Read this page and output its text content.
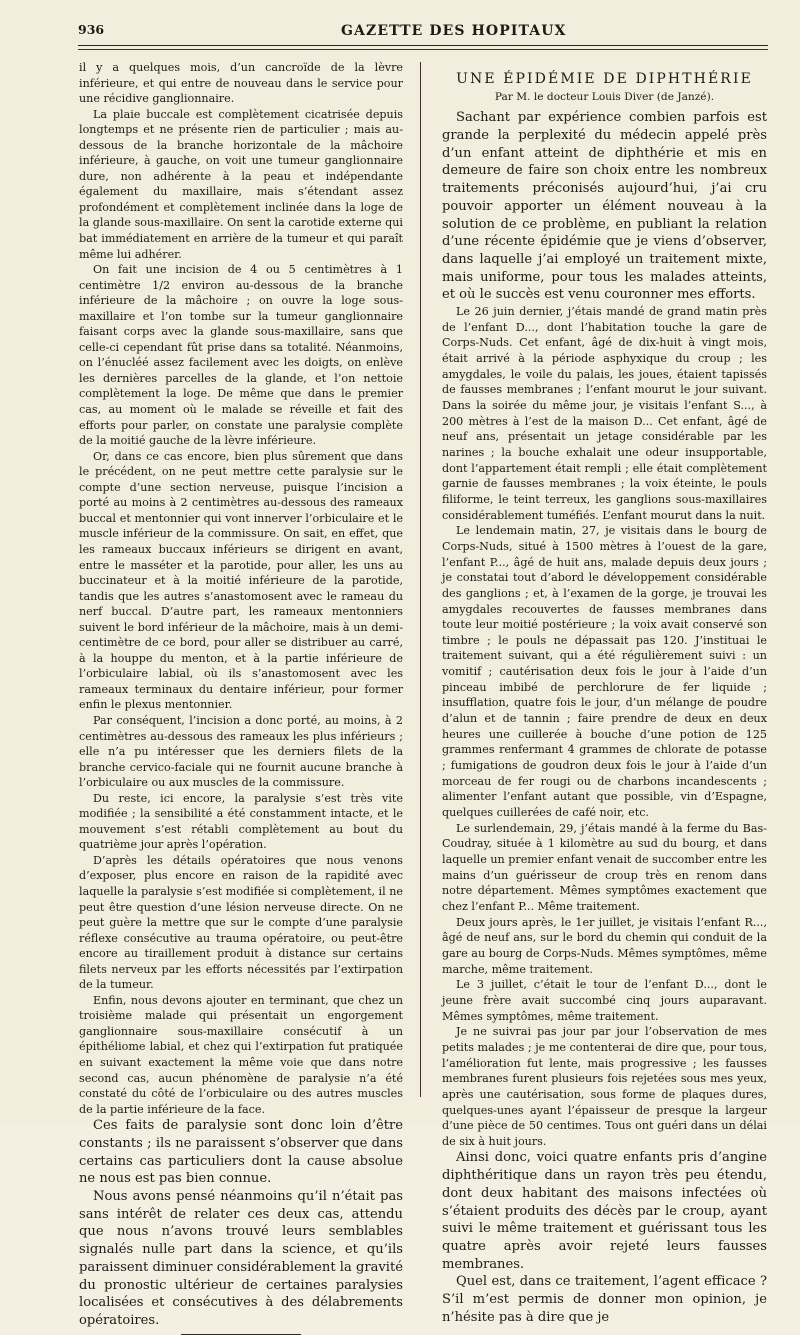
936	GAZETTE DES HOPITAUX

il y a quelques mois, d’un cancroïde de la lèvre inférieure, et qui entre de nouveau dans le service pour une récidive ganglionnaire.

La plaie buccale est complètement cicatrisée depuis longtemps et ne présente rien de particulier ; mais au-dessous de la branche horizontale de la mâchoire inférieure, à gauche, on voit une tumeur ganglionnaire dure, non adhérente à la peau et indépendante également du maxillaire, mais s’étendant assez profondément et complètement inclinée dans la loge de la glande sous-maxillaire. On sent la carotide externe qui bat immédiatement en arrière de la tumeur et qui paraît même lui adhérer.

On fait une incision de 4 ou 5 centimètres à 1 centimètre 1/2 environ au-dessous de la branche inférieure de la mâchoire ; on ouvre la loge sous-maxillaire et l’on tombe sur la tumeur ganglionnaire faisant corps avec la glande sous-maxillaire, sans que celle-ci cependant fût prise dans sa totalité. Néanmoins, on l’énucléé assez facilement avec les doigts, on enlève les dernières parcelles de la glande, et l’on nettoie complètement la loge. De même que dans le premier cas, au moment où le malade se réveille et fait des efforts pour parler, on constate une paralysie complète de la moitié gauche de la lèvre inférieure.

Or, dans ce cas encore, bien plus sûrement que dans le précédent, on ne peut mettre cette paralysie sur le compte d’une section nerveuse, puisque l’incision a porté au moins à 2 centimètres au-dessous des rameaux buccal et mentonnier qui vont innerver l’orbiculaire et le muscle inférieur de la commissure. On sait, en effet, que les rameaux buccaux inférieurs se dirigent en avant, entre le masséter et la parotide, pour aller, les uns au buccinateur et à la moitié inférieure de la parotide, tandis que les autres s’anastomosent avec le rameau du nerf buccal. D’autre part, les rameaux mentonniers suivent le bord inférieur de la mâchoire, mais à un demi-centimètre de ce bord, pour aller se distribuer au carré, à la houppe du menton, et à la partie inférieure de l’orbiculaire labial, où ils s’anastomosent avec les rameaux terminaux du dentaire inférieur, pour former enfin le plexus mentonnier.

Par conséquent, l’incision a donc porté, au moins, à 2 centimètres au-dessous des rameaux les plus inférieurs ; elle n’a pu intéresser que les derniers filets de la branche cervico-faciale qui ne fournit aucune branche à l’orbiculaire ou aux muscles de la commissure.

Du reste, ici encore, la paralysie s’est très vite modifiée ; la sensibilité a été constamment intacte, et le mouvement s’est rétabli complètement au bout du quatrième jour après l’opération.

D’après les détails opératoires que nous venons d’exposer, plus encore en raison de la rapidité avec laquelle la paralysie s’est modifiée si complètement, il ne peut être question d’une lésion nerveuse directe. On ne peut guère la mettre que sur le compte d’une paralysie réflexe consécutive au trauma opératoire, ou peut-être encore au tiraillement produit à distance sur certains filets nerveux par les efforts nécessités par l’extirpation de la tumeur.

Enfin, nous devons ajouter en terminant, que chez un troisième malade qui présentait un engorgement ganglionnaire sous-maxillaire consécutif à un épithéliome labial, et chez qui l’extirpation fut pratiquée en suivant exactement la même voie que dans notre second cas, aucun phénomène de paralysie n’a été constaté du côté de l’orbiculaire ou des autres muscles de la partie inférieure de la face.

Ces faits de paralysie sont donc loin d’être constants ; ils ne paraissent s’observer que dans certains cas particuliers dont la cause absolue ne nous est pas bien connue.

Nous avons pensé néanmoins qu’il n’était pas sans intérêt de relater ces deux cas, attendu que nous n’avons trouvé leurs semblables signalés nulle part dans la science, et qu’ils paraissent diminuer considérablement la gravité du pronostic ultérieur de certaines paralysies localisées et consécutives à des délabrements opératoires.

UNE ÉPIDÉMIE DE DIPHTHÉRIE

Par M. le docteur Louis Diver (de Janzé).

Sachant par expérience combien parfois est grande la perplexité du médecin appelé près d’un enfant atteint de diphthérie et mis en demeure de faire son choix entre les nombreux traitements préconisés aujourd’hui, j’ai cru pouvoir apporter un élément nouveau à la solution de ce problème, en publiant la relation d’une récente épidémie que je viens d’observer, dans laquelle j’ai employé un traitement mixte, mais uniforme, pour tous les malades atteints, et où le succès est venu couronner mes efforts.

Le 26 juin dernier, j’étais mandé de grand matin près de l’enfant D..., dont l’habitation touche la gare de Corps-Nuds. Cet enfant, âgé de dix-huit à vingt mois, était arrivé à la période asphyxique du croup ; les amygdales, le voile du palais, les joues, étaient tapissés de fausses membranes ; l’enfant mourut le jour suivant. Dans la soirée du même jour, je visitais l’enfant S..., à 200 mètres à l’est de la maison D... Cet enfant, âgé de neuf ans, présentait un jetage considérable par les narines ; la bouche exhalait une odeur insupportable, dont l’appartement était rempli ; elle était complètement garnie de fausses membranes ; la voix éteinte, le pouls filiforme, le teint terreux, les ganglions sous-maxillaires considérablement tuméfiés. L’enfant mourut dans la nuit.

Le lendemain matin, 27, je visitais dans le bourg de Corps-Nuds, situé à 1500 mètres à l’ouest de la gare, l’enfant P..., âgé de huit ans, malade depuis deux jours ; je constatai tout d’abord le développement considérable des ganglions ; et, à l’examen de la gorge, je trouvai les amygdales recouvertes de fausses membranes dans toute leur moitié postérieure ; la voix avait conservé son timbre ; le pouls ne dépassait pas 120. J’instituai le traitement suivant, qui a été régulièrement suivi : un vomitif ; cautérisation deux fois le jour à l’aide d’un pinceau imbibé de perchlorure de fer liquide ; insufflation, quatre fois le jour, d’un mélange de poudre d’alun et de tannin ; faire prendre de deux en deux heures une cuillerée à bouche d’une potion de 125 grammes renfermant 4 grammes de chlorate de potasse ; fumigations de goudron deux fois le jour à l’aide d’un morceau de fer rougi ou de charbons incandescents ; alimenter l’enfant autant que possible, vin d’Espagne, quelques cuillerées de café noir, etc.

Le surlendemain, 29, j’étais mandé à la ferme du Bas-Coudray, située à 1 kilomètre au sud du bourg, et dans laquelle un premier enfant venait de succomber entre les mains d’un guérisseur de croup très en renom dans notre département. Mêmes symptômes exactement que chez l’enfant P... Même traitement.

Deux jours après, le 1er juillet, je visitais l’enfant R..., âgé de neuf ans, sur le bord du chemin qui conduit de la gare au bourg de Corps-Nuds. Mêmes symptômes, même marche, même traitement.

Le 3 juillet, c’était le tour de l’enfant D..., dont le jeune frère avait succombé cinq jours auparavant. Mêmes symptômes, même traitement.

Je ne suivrai pas jour par jour l’observation de mes petits malades ; je me contenterai de dire que, pour tous, l’amélioration fut lente, mais progressive ; les fausses membranes furent plusieurs fois rejetées sous mes yeux, après une cautérisation, sous forme de plaques dures, quelques-unes ayant l’épaisseur de presque la largeur d’une pièce de 50 centimes. Tous ont guéri dans un délai de six à huit jours.

Ainsi donc, voici quatre enfants pris d’angine diphthéritique dans un rayon très peu étendu, dont deux habitant des maisons infectées où s’étaient produits des décès par le croup, ayant suivi le même traitement et guérissant tous les quatre après avoir rejeté leurs fausses membranes.

Quel est, dans ce traitement, l’agent efficace ? S’il m’est permis de donner mon opinion, je n’hésite pas à dire que je
